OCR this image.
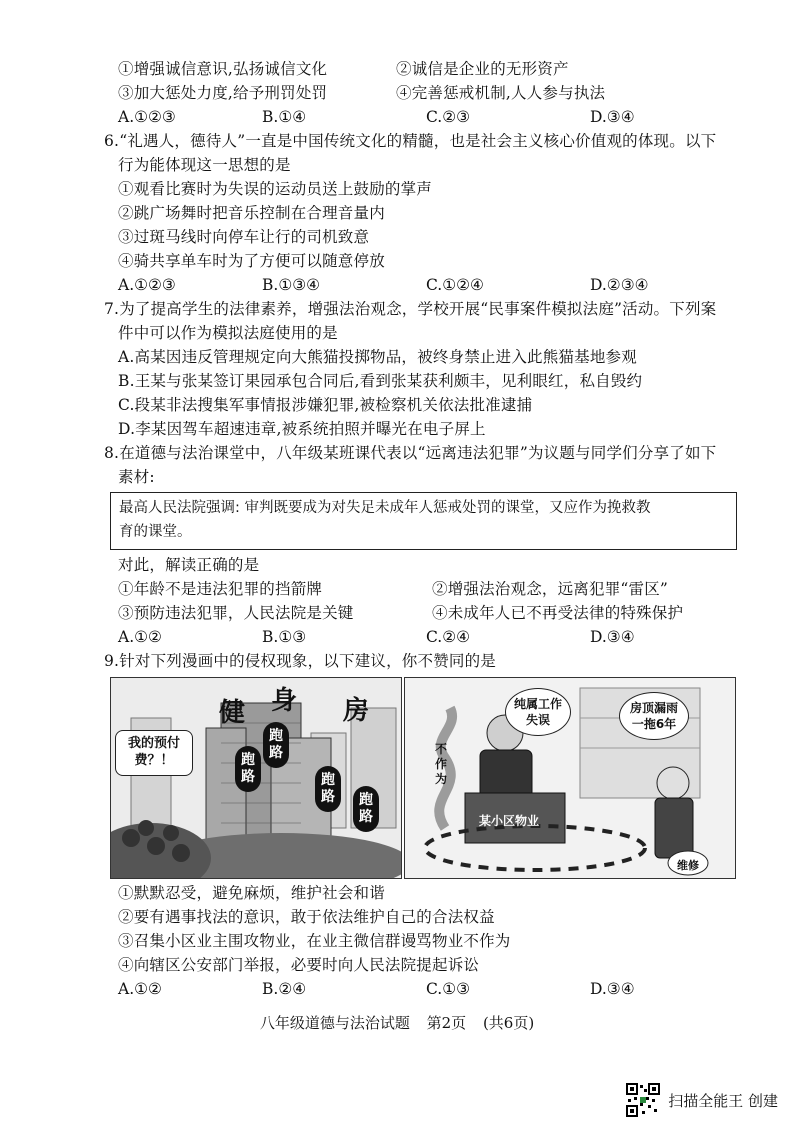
①增强诚信意识,弘扬诚信文化	②诚信是企业的无形资产
③加大惩处力度,给予刑罚处罚	④完善惩戒机制,人人参与执法
A.①②③	B.①④	C.②③	D.③④
6.“礼遇人，德待人”一直是中国传统文化的精髓，也是社会主义核心价值观的体现。以下
行为能体现这一思想的是
①观看比赛时为失误的运动员送上鼓励的掌声
②跳广场舞时把音乐控制在合理音量内
③过斑马线时向停车让行的司机致意
④骑共享单车时为了方便可以随意停放
A.①②③	B.①③④	C.①②④	D.②③④
7.为了提高学生的法律素养，增强法治观念，学校开展“民事案件模拟法庭”活动。下列案
件中可以作为模拟法庭使用的是
A.高某因违反管理规定向大熊猫投掷物品，被终身禁止进入此熊猫基地参观
B.王某与张某签订果园承包合同后,看到张某获利颇丰，见利眼红，私自毁约
C.段某非法搜集军事情报涉嫌犯罪,被检察机关依法批准逮捕
D.李某因驾车超速违章,被系统拍照并曝光在电子屏上
8.在道德与法治课堂中，八年级某班课代表以“远离违法犯罪”为议题与同学们分享了如下
素材:
最高人民法院强调: 审判既要成为对失足未成年人惩戒处罚的课堂，又应作为挽救教
育的课堂。
对此，解读正确的是
①年龄不是违法犯罪的挡箭牌	②增强法治观念，远离犯罪“雷区”
③预防违法犯罪，人民法院是关键	④未成年人已不再受法律的特殊保护
A.①②	B.①③	C.②④	D.③④
9.针对下列漫画中的侵权现象，以下建议，你不赞同的是
健 身 房
我的预付费？！	跑路
跑路
跑路	跑路
纯属工作失误
房顶漏雨一拖6年
不作为
某小区物业
维修
①默默忍受，避免麻烦，维护社会和谐
②要有遇事找法的意识，敢于依法维护自己的合法权益
③召集小区业主围攻物业，在业主微信群谩骂物业不作为
④向辖区公安部门举报，必要时向人民法院提起诉讼
A.①②	B.②④	C.①③	D.③④
八年级道德与法治试题 第2页 (共6页)
扫描全能王 创建
